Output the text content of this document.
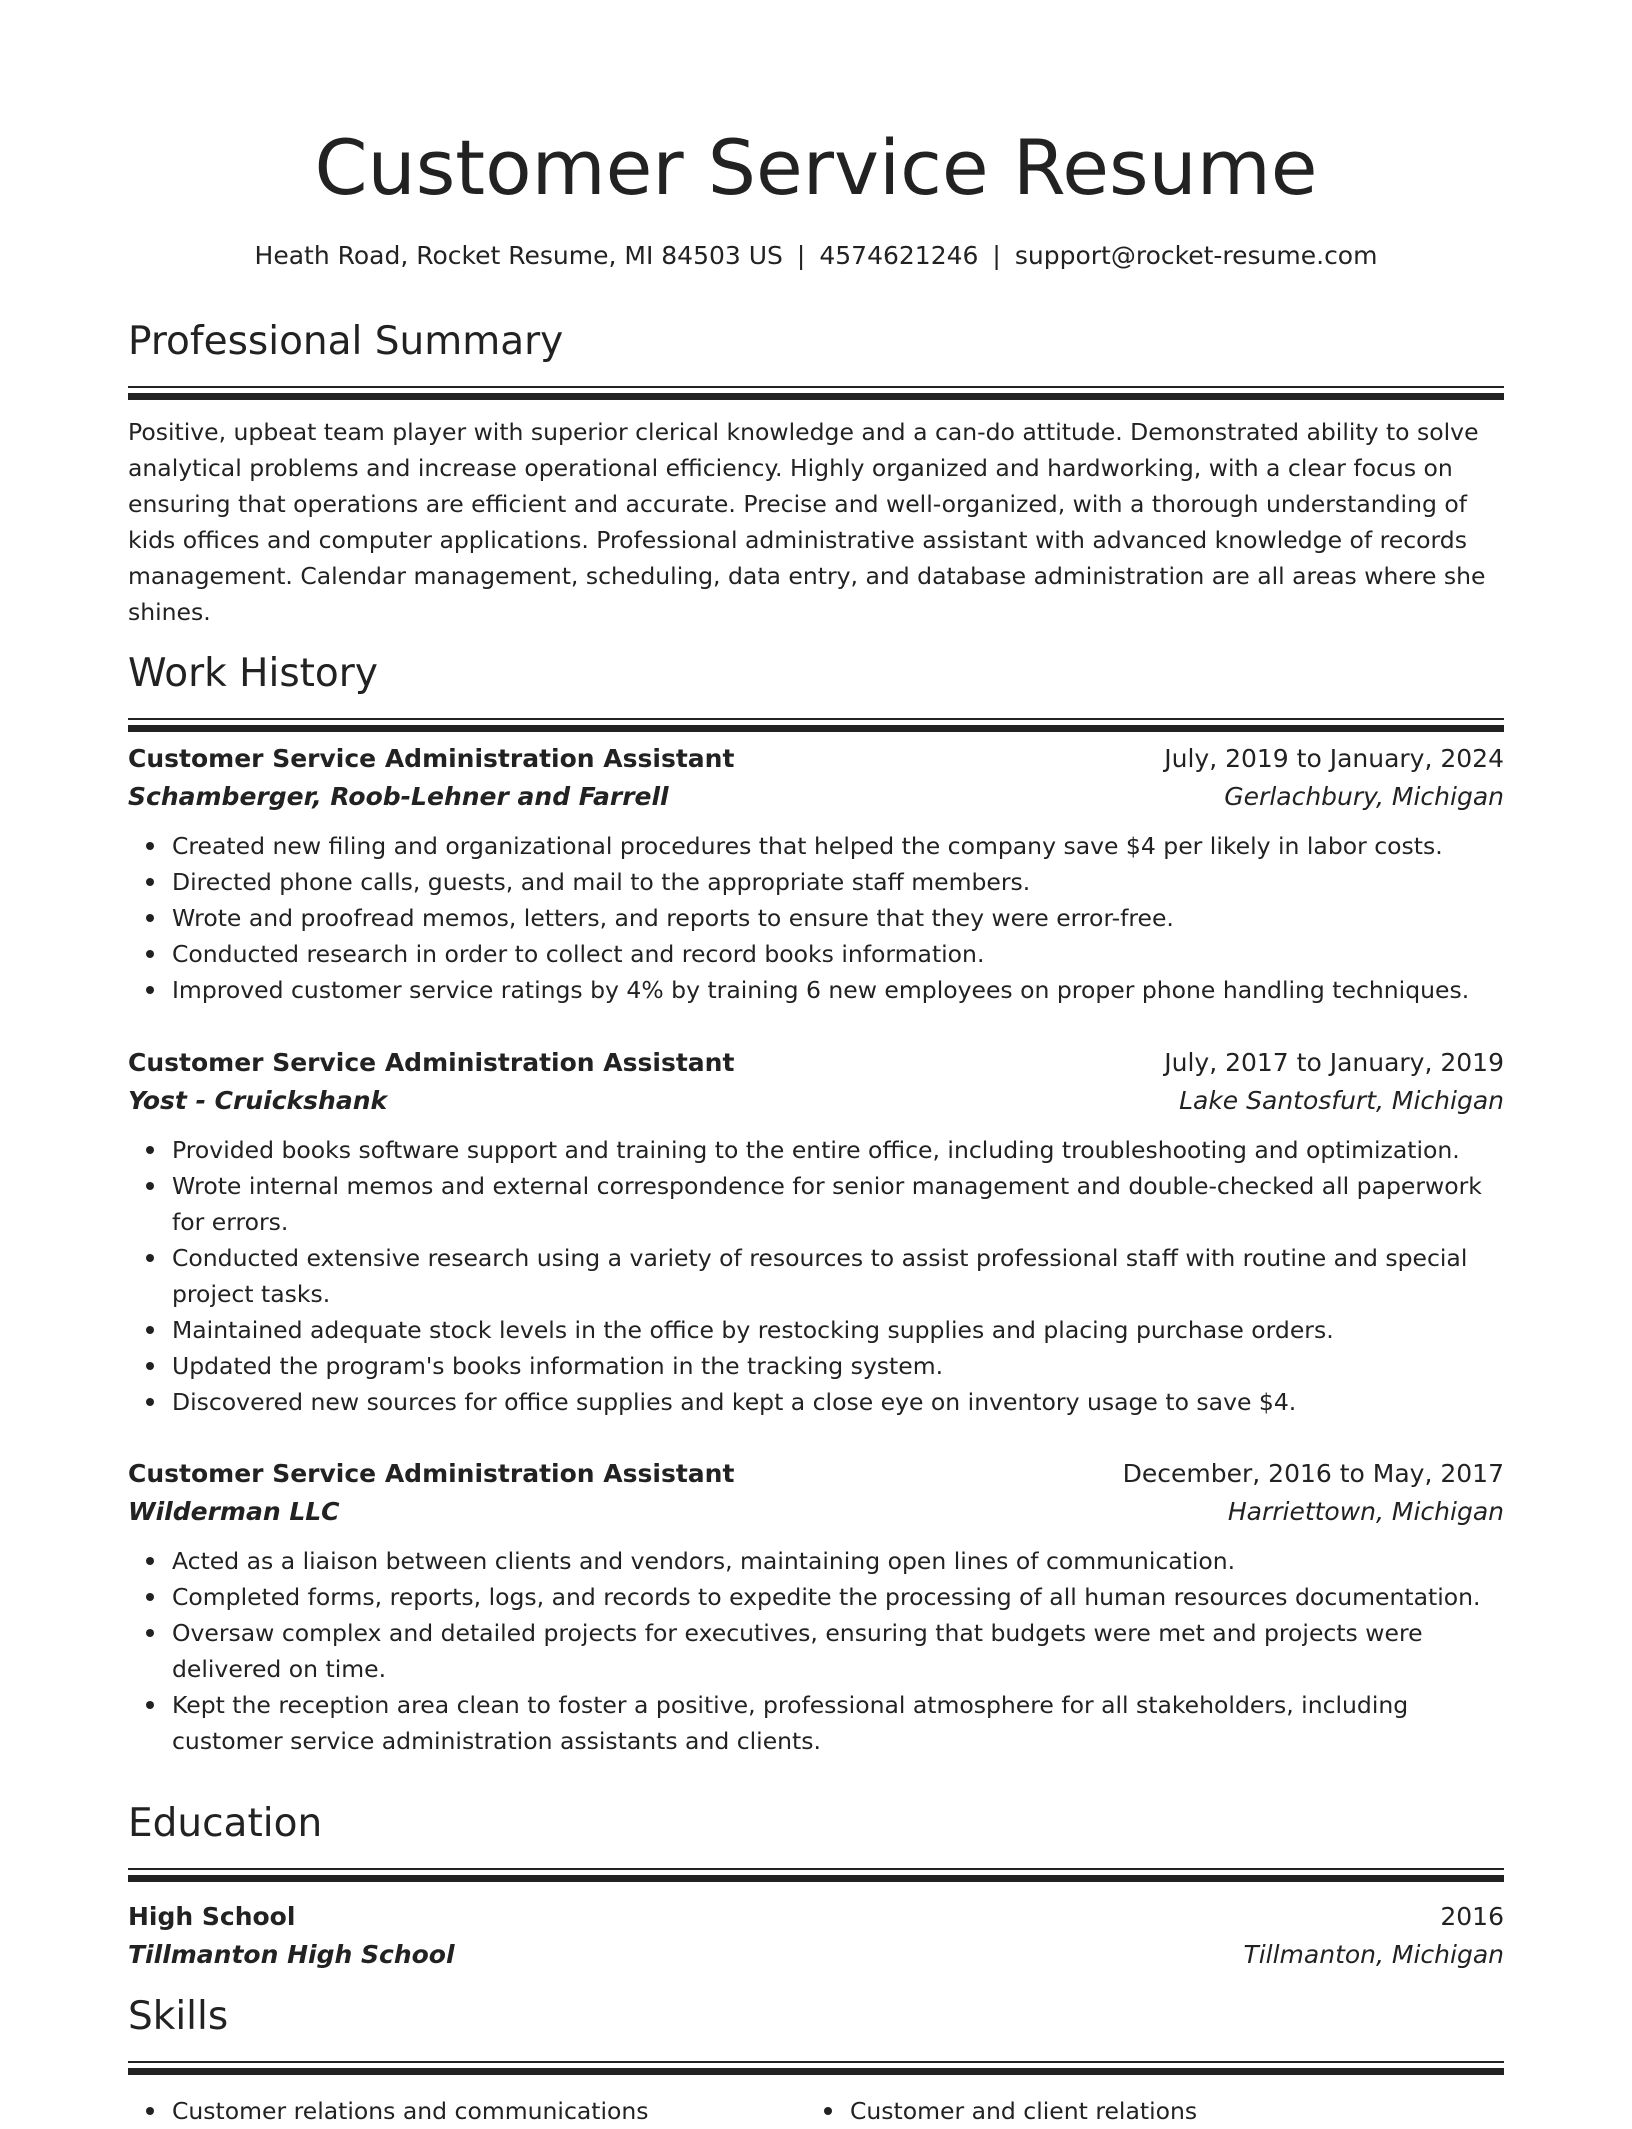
Customer Service Resume
Heath Road, Rocket Resume, MI 84503 US | 4574621246 | support@rocket-resume.com
Professional Summary
Positive, upbeat team player with superior clerical knowledge and a can-do attitude. Demonstrated ability to solve analytical problems and increase operational efficiency. Highly organized and hardworking, with a clear focus on ensuring that operations are efficient and accurate. Precise and well-organized, with a thorough understanding of kids offices and computer applications. Professional administrative assistant with advanced knowledge of records management. Calendar management, scheduling, data entry, and database administration are all areas where she shines.
Work History
Customer Service Administration Assistant	July, 2019 to January, 2024
Schamberger, Roob-Lehner and Farrell	Gerlachbury, Michigan
Created new filing and organizational procedures that helped the company save $4 per likely in labor costs.
Directed phone calls, guests, and mail to the appropriate staff members.
Wrote and proofread memos, letters, and reports to ensure that they were error-free.
Conducted research in order to collect and record books information.
Improved customer service ratings by 4% by training 6 new employees on proper phone handling techniques.
Customer Service Administration Assistant	July, 2017 to January, 2019
Yost - Cruickshank	Lake Santosfurt, Michigan
Provided books software support and training to the entire office, including troubleshooting and optimization.
Wrote internal memos and external correspondence for senior management and double-checked all paperwork for errors.
Conducted extensive research using a variety of resources to assist professional staff with routine and special project tasks.
Maintained adequate stock levels in the office by restocking supplies and placing purchase orders.
Updated the program's books information in the tracking system.
Discovered new sources for office supplies and kept a close eye on inventory usage to save $4.
Customer Service Administration Assistant	December, 2016 to May, 2017
Wilderman LLC	Harriettown, Michigan
Acted as a liaison between clients and vendors, maintaining open lines of communication.
Completed forms, reports, logs, and records to expedite the processing of all human resources documentation.
Oversaw complex and detailed projects for executives, ensuring that budgets were met and projects were delivered on time.
Kept the reception area clean to foster a positive, professional atmosphere for all stakeholders, including customer service administration assistants and clients.
Education
High School	2016
Tillmanton High School	Tillmanton, Michigan
Skills
Customer relations and communications	Customer and client relations
